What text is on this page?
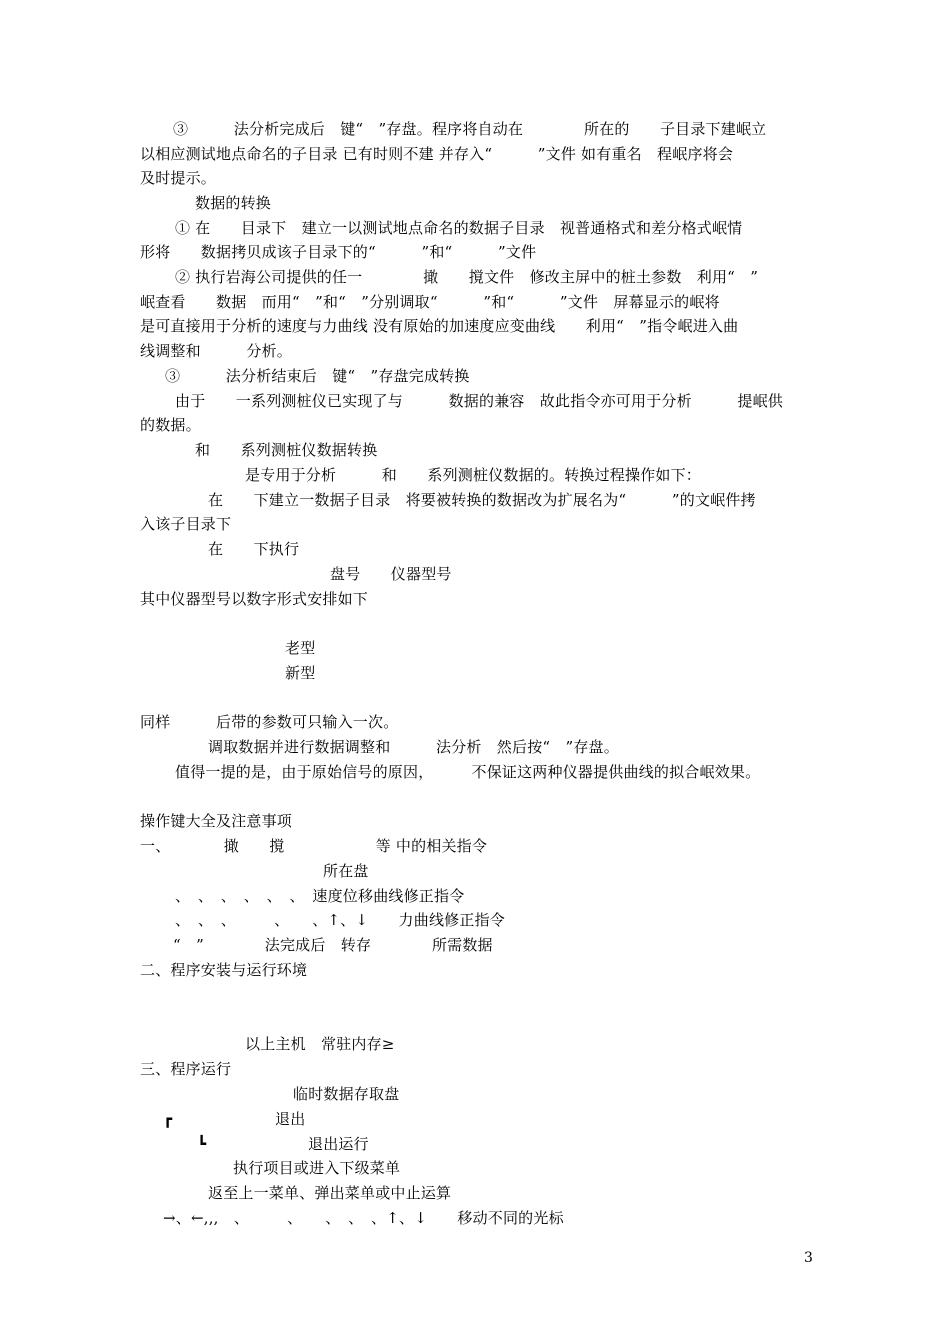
③　　　法分析完成后　键“　”存盘。程序将自动在　　　　所在的　　子目录下建岷立
以相应测试地点命名的子目录 已有时则不建 并存入“　　　”文件 如有重名　程岷序将会
及时提示。
数据的转换
① 在　　目录下　建立一以测试地点命名的数据子目录　视普通格式和差分格式岷情
形将　　数据拷贝成该子目录下的“　　　”和“　　　”文件
② 执行岩海公司提供的任一　　　　撖　　撹文件　修改主屏中的桩土参数　利用“　”
岷查看　　数据　而用“　”和“　”分别调取“　　　”和“　　　”文件　屏幕显示的岷将
是可直接用于分析的速度与力曲线 没有原始的加速度应变曲线　　利用“　”指令岷进入曲
线调整和　　　分析。
③　　　法分析结束后　键“　”存盘完成转换
由于　　一系列测桩仪已实现了与　　　数据的兼容　故此指令亦可用于分析　　　提岷供
的数据。
和　　系列测桩仪数据转换
是专用于分析　　　和　　系列测桩仪数据的。转换过程操作如下：
在　　下建立一数据子目录　将要被转换的数据改为扩展名为“　　　”的文岷件拷
入该子目录下
在　　下执行
盘号　　仪器型号
其中仪器型号以数字形式安排如下
老型
新型
同样　　　后带的参数可只输入一次。
调取数据并进行数据调整和　　　法分析　然后按“　”存盘。
值得一提的是，由于原始信号的原因，　　　不保证这两种仪器提供曲线的拟合岷效果。
操作键大全及注意事项
一、　　　　撖　　撹　　　　　　等 中的相关指令
所在盘
、　、　、　、　、　、　速度位移曲线修正指令
、　、　、　　　、　　、↑、↓　　力曲线修正指令
“　”　　　　法完成后　转存　　　　所需数据
二、程序安装与运行环境
以上主机　常驻内存≥
三、程序运行
临时数据存取盘
┏	退出
┗	退出运行
执行项目或进入下级菜单
返至上一菜单、弹出菜单或中止运算
→、←,,,　、　　　、　　、　、　、↑、↓　　移动不同的光标
3
